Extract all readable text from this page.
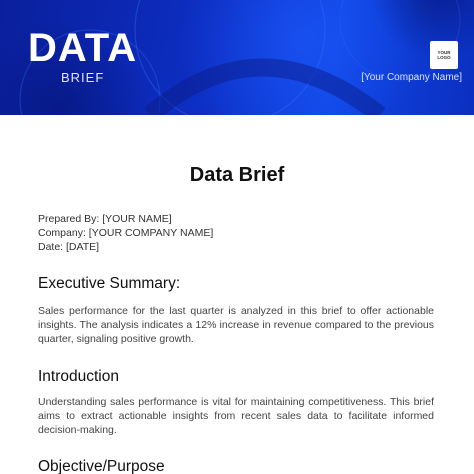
DATA
BRIEF
YOUR
LOGO
[Your Company Name]
Data Brief
Prepared By: [YOUR NAME]
Company: [YOUR COMPANY NAME]
Date: [DATE]
Executive Summary:

Sales performance for the last quarter is analyzed in this brief to offer actionable insights. The analysis indicates a 12% increase in revenue compared to the previous quarter, signaling positive growth.

Introduction

Understanding sales performance is vital for maintaining competitiveness. This brief aims to extract actionable insights from recent sales data to facilitate informed decision-making.

Objective/Purpose
